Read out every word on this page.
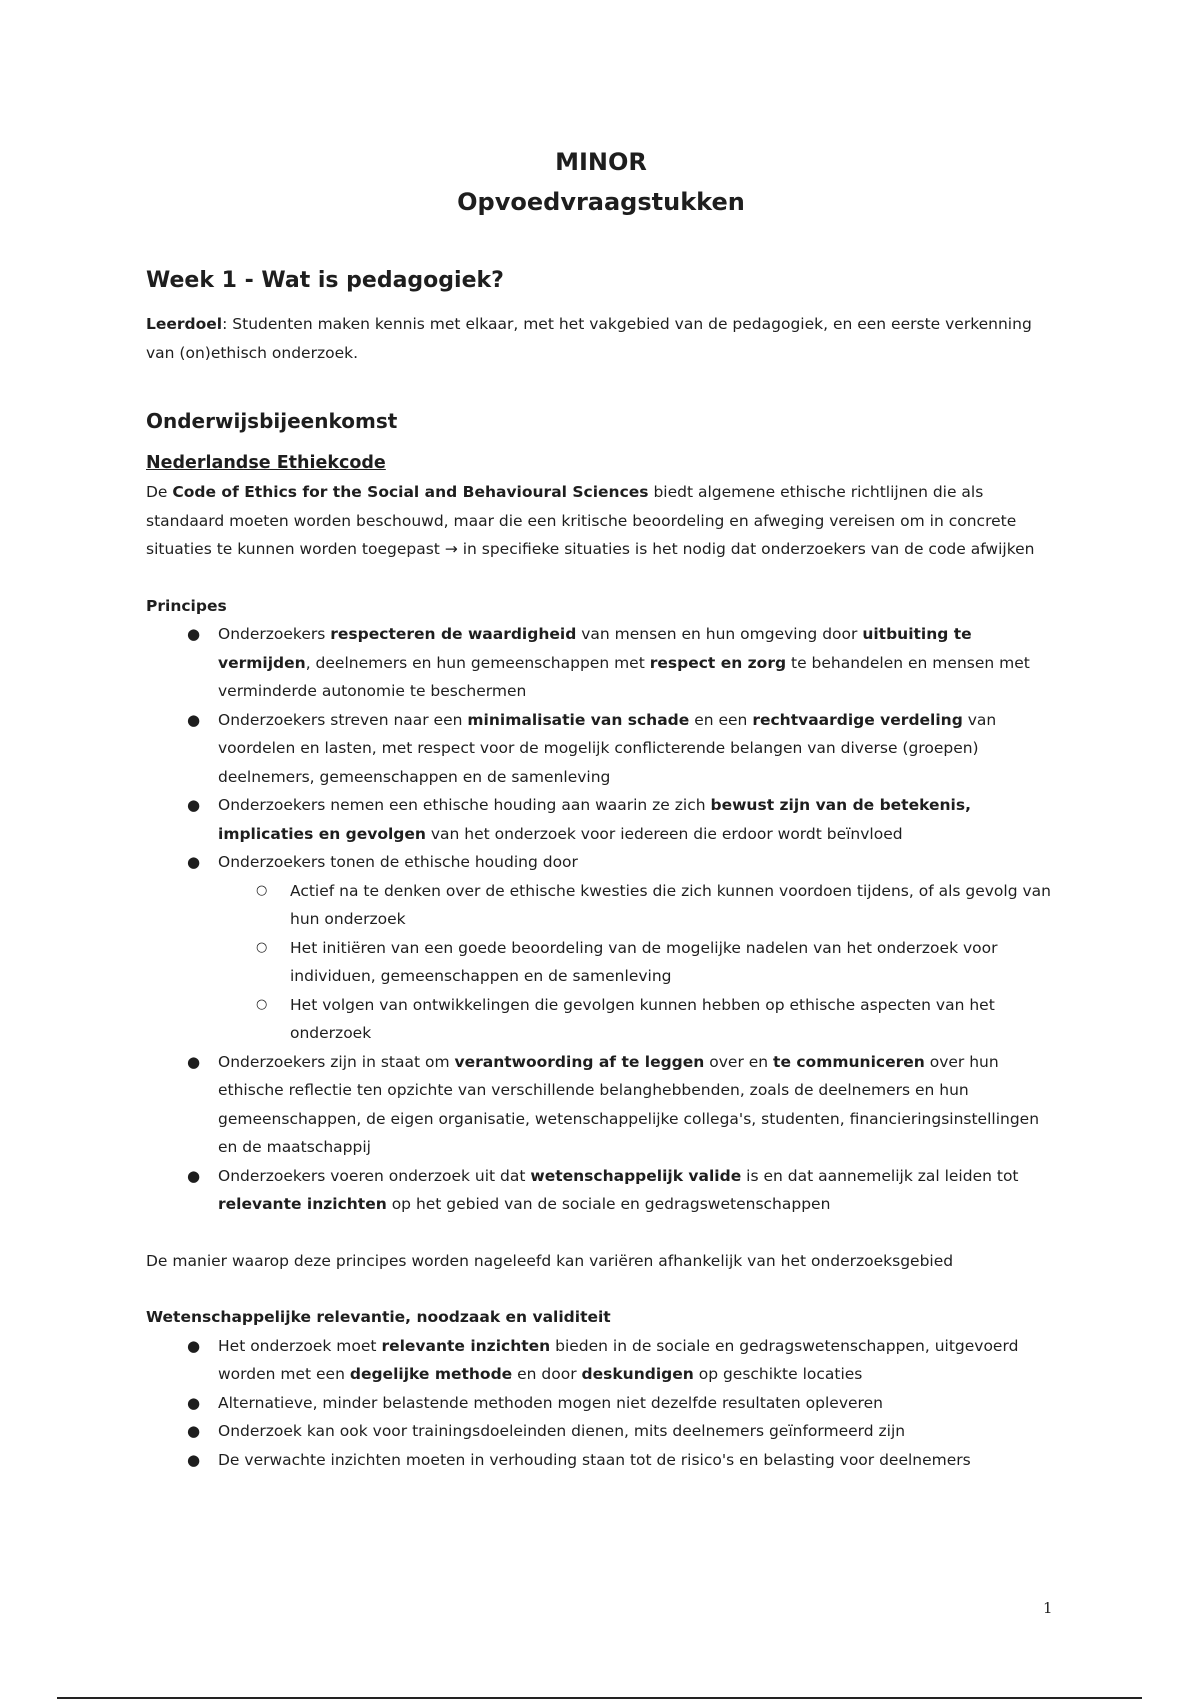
MINOR

Opvoedvraagstukken

Week 1 - Wat is pedagogiek?

Leerdoel: Studenten maken kennis met elkaar, met het vakgebied van de pedagogiek, en een eerste verkenning van (on)ethisch onderzoek.

Onderwijsbijeenkomst

Nederlandse Ethiekcode

De Code of Ethics for the Social and Behavioural Sciences biedt algemene ethische richtlijnen die als standaard moeten worden beschouwd, maar die een kritische beoordeling en afweging vereisen om in concrete situaties te kunnen worden toegepast → in specifieke situaties is het nodig dat onderzoekers van de code afwijken

Principes

● Onderzoekers respecteren de waardigheid van mensen en hun omgeving door uitbuiting te vermijden, deelnemers en hun gemeenschappen met respect en zorg te behandelen en mensen met verminderde autonomie te beschermen
● Onderzoekers streven naar een minimalisatie van schade en een rechtvaardige verdeling van voordelen en lasten, met respect voor de mogelijk conflicterende belangen van diverse (groepen) deelnemers, gemeenschappen en de samenleving
● Onderzoekers nemen een ethische houding aan waarin ze zich bewust zijn van de betekenis, implicaties en gevolgen van het onderzoek voor iedereen die erdoor wordt beïnvloed
● Onderzoekers tonen de ethische houding door
○ Actief na te denken over de ethische kwesties die zich kunnen voordoen tijdens, of als gevolg van hun onderzoek
○ Het initiëren van een goede beoordeling van de mogelijke nadelen van het onderzoek voor individuen, gemeenschappen en de samenleving
○ Het volgen van ontwikkelingen die gevolgen kunnen hebben op ethische aspecten van het onderzoek
● Onderzoekers zijn in staat om verantwoording af te leggen over en te communiceren over hun ethische reflectie ten opzichte van verschillende belanghebbenden, zoals de deelnemers en hun gemeenschappen, de eigen organisatie, wetenschappelijke collega's, studenten, financieringsinstellingen en de maatschappij
● Onderzoekers voeren onderzoek uit dat wetenschappelijk valide is en dat aannemelijk zal leiden tot relevante inzichten op het gebied van de sociale en gedragswetenschappen

De manier waarop deze principes worden nageleefd kan variëren afhankelijk van het onderzoeksgebied

Wetenschappelijke relevantie, noodzaak en validiteit

● Het onderzoek moet relevante inzichten bieden in de sociale en gedragswetenschappen, uitgevoerd worden met een degelijke methode en door deskundigen op geschikte locaties
● Alternatieve, minder belastende methoden mogen niet dezelfde resultaten opleveren
● Onderzoek kan ook voor trainingsdoeleinden dienen, mits deelnemers geïnformeerd zijn
● De verwachte inzichten moeten in verhouding staan tot de risico's en belasting voor deelnemers
1
